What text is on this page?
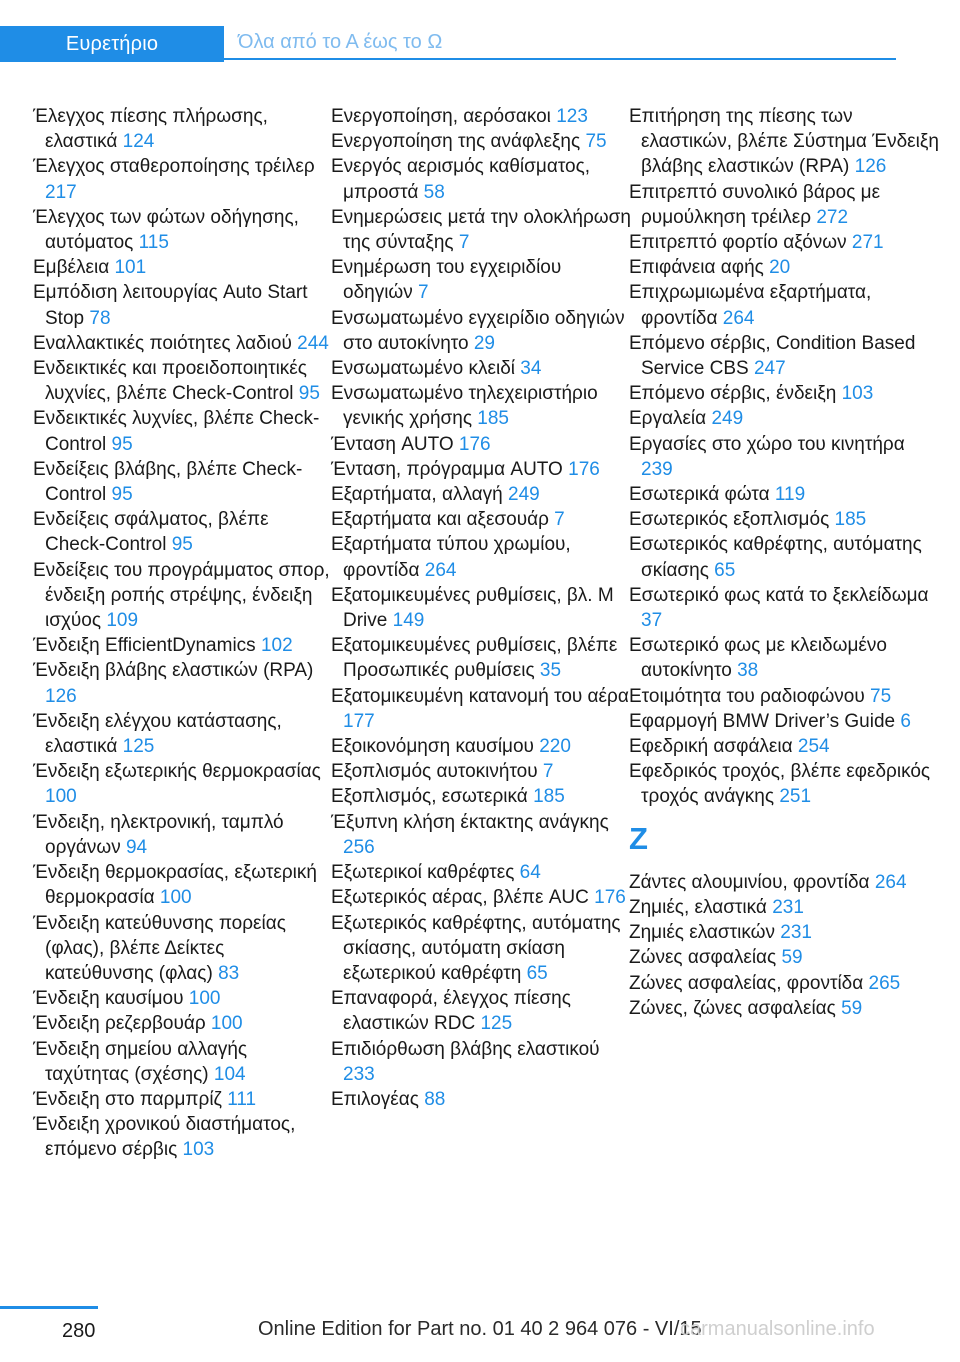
Ευρετήριο	Όλα από το Α έως το Ω

Έλεγχος πίεσης πλήρωσης, ελαστικά 124

Έλεγχος σταθεροποίησης τρέιλερ 217

Έλεγχος των φώτων οδήγησης, αυτόματος 115

Εμβέλεια 101

Εμπόδιση λειτουργίας Auto Start Stop 78

Εναλλακτικές ποιότητες λαδιού 244

Ενδεικτικές και προειδοποιητικές λυχνίες, βλέπε Check-Control 95

Ενδεικτικές λυχνίες, βλέπε Check-Control 95

Ενδείξεις βλάβης, βλέπε Check-Control 95

Ενδείξεις σφάλματος, βλέπε Check-Control 95

Ενδείξεις του προγράμματος σπορ, ένδειξη ροπής στρέψης, ένδειξη ισχύος 109

Ένδειξη EfficientDynamics 102

Ένδειξη βλάβης ελαστικών (RPA) 126

Ένδειξη ελέγχου κατάστασης, ελαστικά 125

Ένδειξη εξωτερικής θερμοκρασίας 100

Ένδειξη, ηλεκτρονική, ταμπλό οργάνων 94

Ένδειξη θερμοκρασίας, εξωτερική θερμοκρασία 100

Ένδειξη κατεύθυνσης πορείας (φλας), βλέπε Δείκτες κατεύθυνσης (φλας) 83

Ένδειξη καυσίμου 100

Ένδειξη ρεζερβουάρ 100

Ένδειξη σημείου αλλαγής ταχύτητας (σχέσης) 104

Ένδειξη στο παρμπρίζ 111

Ένδειξη χρονικού διαστήματος, επόμενο σέρβις 103

Ενεργοποίηση, αερόσακοι 123

Ενεργοποίηση της ανάφλεξης 75

Ενεργός αερισμός καθίσματος, μπροστά 58

Ενημερώσεις μετά την ολοκλήρωση της σύνταξης 7

Ενημέρωση του εγχειριδίου οδηγιών 7

Ενσωματωμένο εγχειρίδιο οδηγιών στο αυτοκίνητο 29

Ενσωματωμένο κλειδί 34

Ενσωματωμένο τηλεχειριστήριο γενικής χρήσης 185

Ένταση AUTO 176

Ένταση, πρόγραμμα AUTO 176

Εξαρτήματα, αλλαγή 249

Εξαρτήματα και αξεσουάρ 7

Εξαρτήματα τύπου χρωμίου, φροντίδα 264

Εξατομικευμένες ρυθμίσεις, βλ. M Drive 149

Εξατομικευμένες ρυθμίσεις, βλέπε Προσωπικές ρυθμίσεις 35

Εξατομικευμένη κατανομή του αέρα 177

Εξοικονόμηση καυσίμου 220

Εξοπλισμός αυτοκινήτου 7

Εξοπλισμός, εσωτερικά 185

Έξυπνη κλήση έκτακτης ανάγκης 256

Εξωτερικοί καθρέφτες 64

Εξωτερικός αέρας, βλέπε AUC 176

Εξωτερικός καθρέφτης, αυτόματης σκίασης, αυτόματη σκίαση εξωτερικού καθρέφτη 65

Επαναφορά, έλεγχος πίεσης ελαστικών RDC 125

Επιδιόρθωση βλάβης ελαστικού 233

Επιλογέας 88

Επιτήρηση της πίεσης των ελαστικών, βλέπε Σύστημα Ένδειξη βλάβης ελαστικών (RPA) 126

Επιτρεπτό συνολικό βάρος με ρυμούλκηση τρέιλερ 272

Επιτρεπτό φορτίο αξόνων 271

Επιφάνεια αφής 20

Επιχρωμιωμένα εξαρτήματα, φροντίδα 264

Επόμενο σέρβις, Condition Based Service CBS 247

Επόμενο σέρβις, ένδειξη 103

Εργαλεία 249

Εργασίες στο χώρο του κινητήρα 239

Εσωτερικά φώτα 119

Εσωτερικός εξοπλισμός 185

Εσωτερικός καθρέφτης, αυτόματης σκίασης 65

Εσωτερικό φως κατά το ξεκλείδωμα 37

Εσωτερικό φως με κλειδωμένο αυτοκίνητο 38

Ετοιμότητα του ραδιοφώνου 75

Εφαρμογή BMW Driver’s Guide 6

Εφεδρική ασφάλεια 254

Εφεδρικός τροχός, βλέπε εφεδρικός τροχός ανάγκης 251

Z

Ζάντες αλουμινίου, φροντίδα 264

Ζημιές, ελαστικά 231

Ζημιές ελαστικών 231

Ζώνες ασφαλείας 59

Ζώνες ασφαλείας, φροντίδα 265

Ζώνες, ζώνες ασφαλείας 59

280	Online Edition for Part no. 01 40 2 964 076 - VI/15
carmanualsonline.info
